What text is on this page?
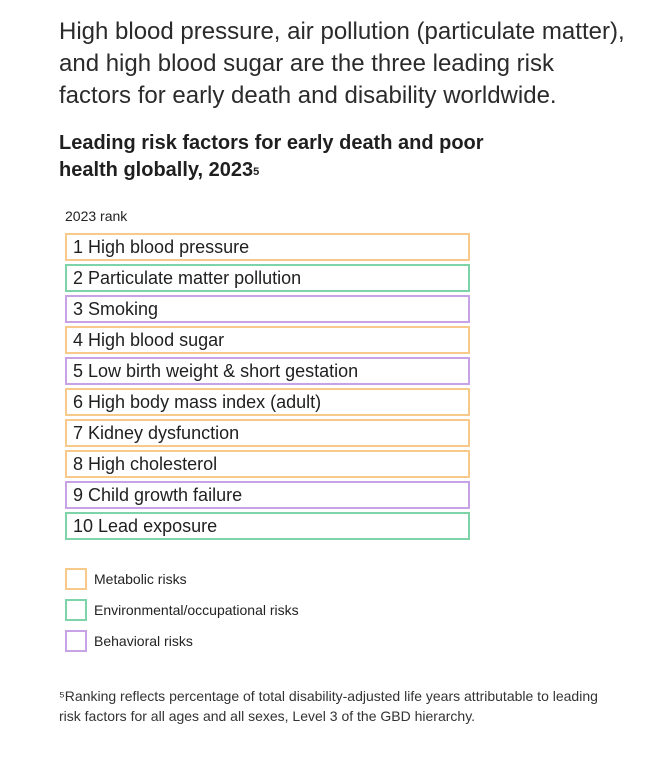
High blood pressure, air pollution (particulate matter), and high blood sugar are the three leading risk factors for early death and disability worldwide.

Leading risk factors for early death and poor health globally, 2023$^5$
2023 rank
1 High blood pressure
2 Particulate matter pollution
3 Smoking
4 High blood sugar
5 Low birth weight & short gestation
6 High body mass index (adult)
7 Kidney dysfunction
8 High cholesterol
9 Child growth failure
10 Lead exposure
Metabolic risks
Environmental/occupational risks
Behavioral risks

⁵Ranking reflects percentage of total disability-adjusted life years attributable to leading risk factors for all ages and all sexes, Level 3 of the GBD hierarchy.
